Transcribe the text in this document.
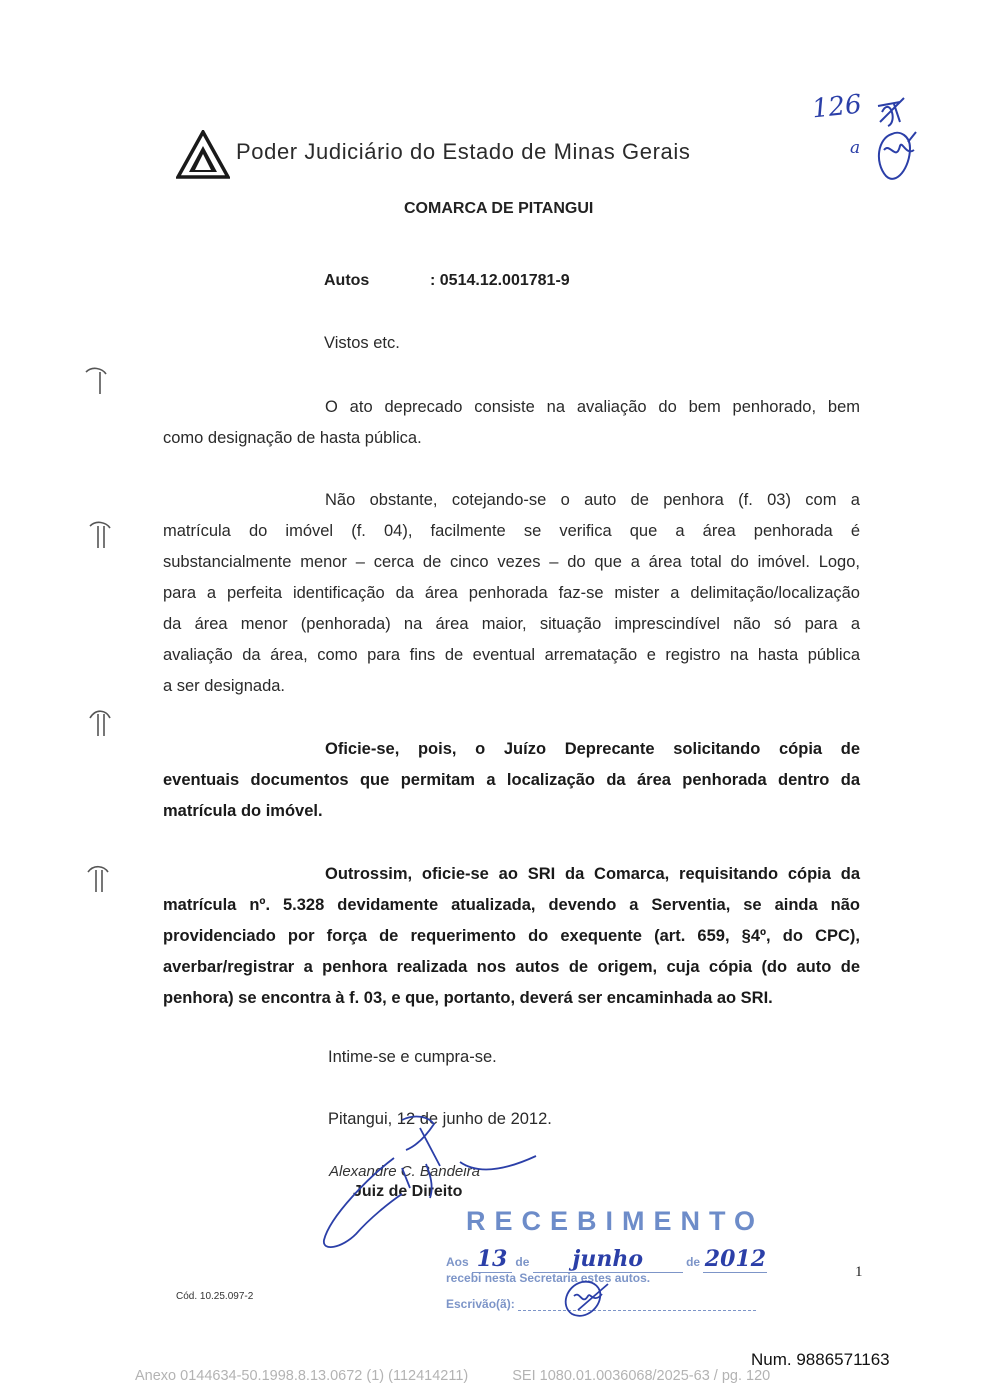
Poder Judiciário do Estado de Minas Gerais
126
a
COMARCA DE PITANGUI
Autos	: 0514.12.001781-9
Vistos etc.
O ato deprecado consiste na avaliação do bem penhorado, bem
como designação de hasta pública.
Não obstante, cotejando-se o auto de penhora (f. 03) com a
matrícula do imóvel (f. 04), facilmente se verifica que a área penhorada é
substancialmente menor – cerca de cinco vezes – do que a área total do imóvel. Logo,
para a perfeita identificação da área penhorada faz-se mister a delimitação/localização
da área menor (penhorada) na área maior, situação imprescindível não só para a
avaliação da área, como para fins de eventual arrematação e registro na hasta pública
a ser designada.
Oficie-se, pois, o Juízo Deprecante solicitando cópia de
eventuais documentos que permitam a localização da área penhorada dentro da
matrícula do imóvel.
Outrossim, oficie-se ao SRI da Comarca, requisitando cópia da
matrícula nº. 5.328 devidamente atualizada, devendo a Serventia, se ainda não
providenciado por força de requerimento do exequente (art. 659, §4º, do CPC),
averbar/registrar a penhora realizada nos autos de origem, cuja cópia (do auto de
penhora) se encontra à f. 03, e que, portanto, deverá ser encaminhada ao SRI.
Intime-se e cumpra-se.
Pitangui, 12 de junho de 2012.
Alexandre C. Bandeira
Juiz de Direito
RECEBIMENTO
Aos 13 de junho	de 2012
recebi nesta Secretaria estes autos.
Escrivão(ã):
Cód. 10.25.097-2
1
Num. 9886571163
Anexo 0144634-50.1998.8.13.0672 (1) (112414211)	SEI 1080.01.0036068/2025-63 / pg. 120
